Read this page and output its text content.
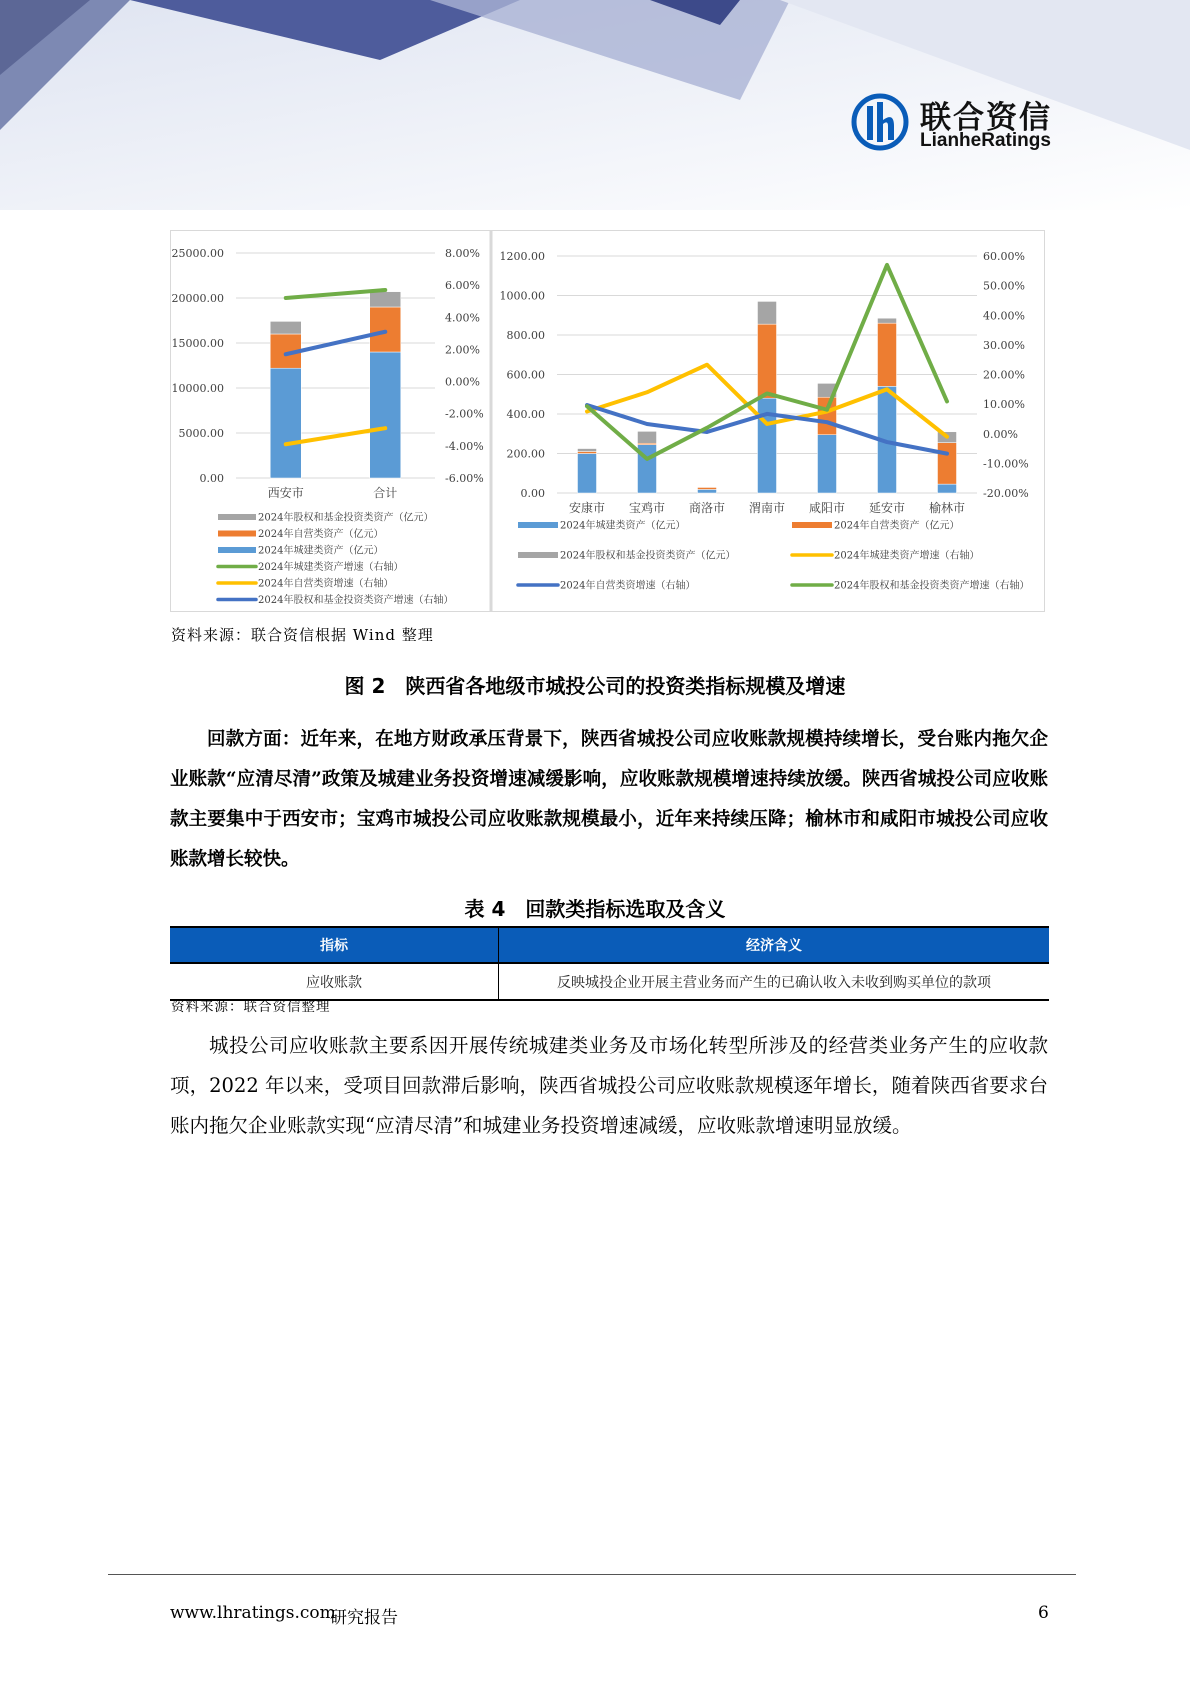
联合资信
LianheRatings
0.00
5000.00
10000.00
15000.00
20000.00
25000.00
-6.00%
-4.00%
-2.00%
0.00%
2.00%
4.00%
6.00%
8.00%
西安市	合计
2024年股权和基金投资类资产（亿元）
2024年自营类资产（亿元）
2024年城建类资产（亿元）
2024年城建类资产增速（右轴）
2024年自营类资增速（右轴）
2024年股权和基金投资类资产增速（右轴）
0.00
200.00
400.00
600.00
800.00
1000.00
1200.00
-20.00%
-10.00%
0.00%
10.00%
20.00%
30.00%
40.00%
50.00%
60.00%
安康市 宝鸡市 商洛市 渭南市 咸阳市 延安市 榆林市
2024年城建类资产（亿元）	2024年自营类资产（亿元）
2024年股权和基金投资类资产（亿元）	2024年城建类资产增速（右轴）
2024年自营类资增速（右轴）	2024年股权和基金投资类资产增速（右轴）
资料来源：联合资信根据 Wind 整理
图 2　陕西省各地级市城投公司的投资类指标规模及增速
回款方面：近年来，在地方财政承压背景下，陕西省城投公司应收账款规模持续增长，受台账内拖欠企业账款“应清尽清”政策及城建业务投资增速减缓影响，应收账款规模增速持续放缓。陕西省城投公司应收账款主要集中于西安市；宝鸡市城投公司应收账款规模最小，近年来持续压降；榆林市和咸阳市城投公司应收账款增长较快。
表 4　回款类指标选取及含义
指标	经济含义
应收账款	反映城投企业开展主营业务而产生的已确认收入未收到购买单位的款项
资料来源：联合资信整理
城投公司应收账款主要系因开展传统城建类业务及市场化转型所涉及的经营类业务产生的应收款项，2022 年以来，受项目回款滞后影响，陕西省城投公司应收账款规模逐年增长，随着陕西省要求台账内拖欠企业账款实现“应清尽清”和城建业务投资增速减缓，应收账款增速明显放缓。
www.lhratings.com
研究报告	6
